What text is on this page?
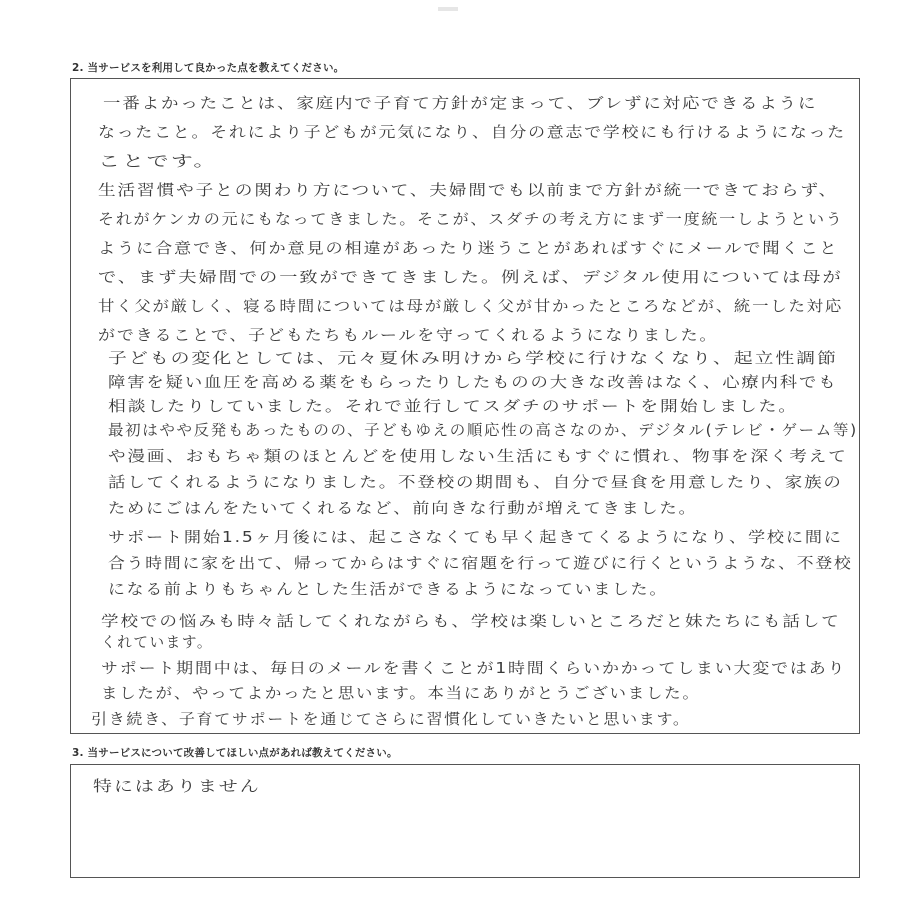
2. 当サービスを利用して良かった点を教えてください。
一番よかったことは、家庭内で子育て方針が定まって、ブレずに対応できるように
なったこと。それにより子どもが元気になり、自分の意志で学校にも行けるようになった
ことです。
生活習慣や子との関わり方について、夫婦間でも以前まで方針が統一できておらず、
それがケンカの元にもなってきました。そこが、スダチの考え方にまず一度統一しようという
ように合意でき、何か意見の相違があったり迷うことがあればすぐにメールで聞くこと
で、まず夫婦間での一致ができてきました。例えば、デジタル使用については母が
甘く父が厳しく、寝る時間については母が厳しく父が甘かったところなどが、統一した対応
ができることで、子どもたちもルールを守ってくれるようになりました。
子どもの変化としては、元々夏休み明けから学校に行けなくなり、起立性調節
障害を疑い血圧を高める薬をもらったりしたものの大きな改善はなく、心療内科でも
相談したりしていました。それで並行してスダチのサポートを開始しました。
最初はやや反発もあったものの、子どもゆえの順応性の高さなのか、デジタル(テレビ・ゲーム等)
や漫画、おもちゃ類のほとんどを使用しない生活にもすぐに慣れ、物事を深く考えて
話してくれるようになりました。不登校の期間も、自分で昼食を用意したり、家族の
ためにごはんをたいてくれるなど、前向きな行動が増えてきました。
サポート開始1.5ヶ月後には、起こさなくても早く起きてくるようになり、学校に間に
合う時間に家を出て、帰ってからはすぐに宿題を行って遊びに行くというような、不登校
になる前よりもちゃんとした生活ができるようになっていました。
学校での悩みも時々話してくれながらも、学校は楽しいところだと妹たちにも話して
くれています。
サポート期間中は、毎日のメールを書くことが1時間くらいかかってしまい大変ではあり
ましたが、やってよかったと思います。本当にありがとうございました。
引き続き、子育てサポートを通じてさらに習慣化していきたいと思います。
3. 当サービスについて改善してほしい点があれば教えてください。
特にはありません
